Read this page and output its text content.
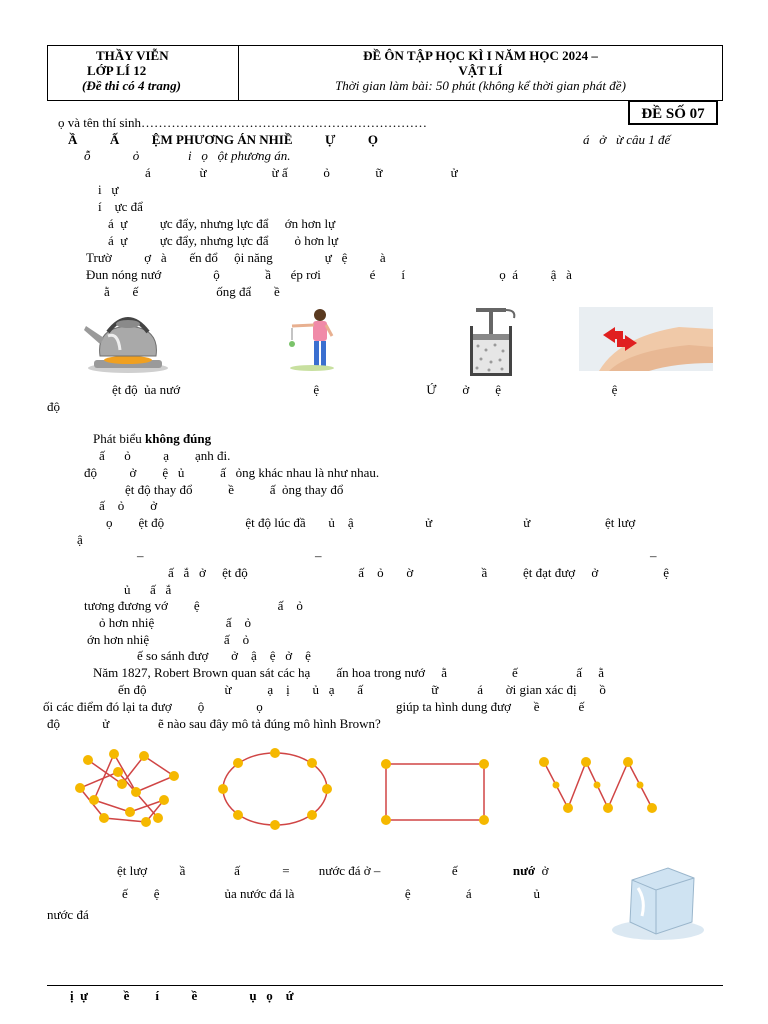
THẦY VIỄN
LỚP LÍ 12
(Đề thi có 4 trang)

ĐỀ ÔN TẬP HỌC KÌ I NĂM HỌC 2024 –
VẬT LÍ
Thời gian làm bài: 50 phút (không kể thời gian phát đề)
ĐỀ SỐ 07
ọ và tên thí sinh…………………………………………………………
Ầ          Ấ          ỆM PHƯƠNG ÁN NHIỀ          Ự          Ọ	á   ở   ừ câu 1 đế
ỗ             ỏ               i   ọ   ột phương án.
á               ừ                    ừ ấ           ỏ              ữ                     ử
i   ự
í    ực đẩ
á  ự          ực đẩy, nhưng lực đẩ     ớn hơn lự
á  ự          ực đẩy, nhưng lực đẩ        ỏ hơn lự
Trườ          ợ   à       ến đổ     ội năng                ự   ệ          à
Đun nóng nướ                ộ              ầ      ép rơi               é        í                             ọ  á          ậ   à
ằ       ế                        ống đẩ       ề
ệt độ  ủa nướ                                         ệ                                 Ứ        ở        ệ                                  ệ
độ
Phát biểu không đúng
ấ      ỏ          ạ        ạnh đi.
độ          ở        ệ   ủ           ấ   ỏng khác nhau là như nhau.
ệt độ thay đổ           ề           ấ  ỏng thay đổ
ấ    ỏ        ở
ọ        ệt độ                         ệt độ lúc đầ       ủ    ậ                      ử                            ử                       ệt lượ
ậ
–	–	–
ấ   ắ   ở     ệt độ                                  ấ    ỏ       ờ                     ầ           ệt đạt đượ     ở                    ệ
ủ      ấ   ắ
tương đương vớ        ệ                        ấ    ỏ
ỏ hơn nhiệ                      ấ    ỏ
ớn hơn nhiệ                       ấ    ỏ
ế so sánh đượ       ở    ậ    ệ   ở    ệ
Năm 1827, Robert Brown quan sát các hạ        ấn hoa trong nướ     ằ                    ế                  ấ     ằ
ến độ                        ừ           ạ    ị       ủ   ạ       ấ                     ữ            á       ời gian xác đị       ồ
ối các điểm đó lại ta đượ        ộ                ọ                                         giúp ta hình dung đượ       ề            ế
độ             ử               ẽ nào sau đây mô tả đúng mô hình Brown?
ệt lượ          ầ               ấ             =         nước đá ở –                      ế                 nướ  ở
ế        ệ                    ủa nước đá là                                  ệ                 á                   ủ
nước đá
ị  ự           ề        í          ề                ụ   ọ    ứ
